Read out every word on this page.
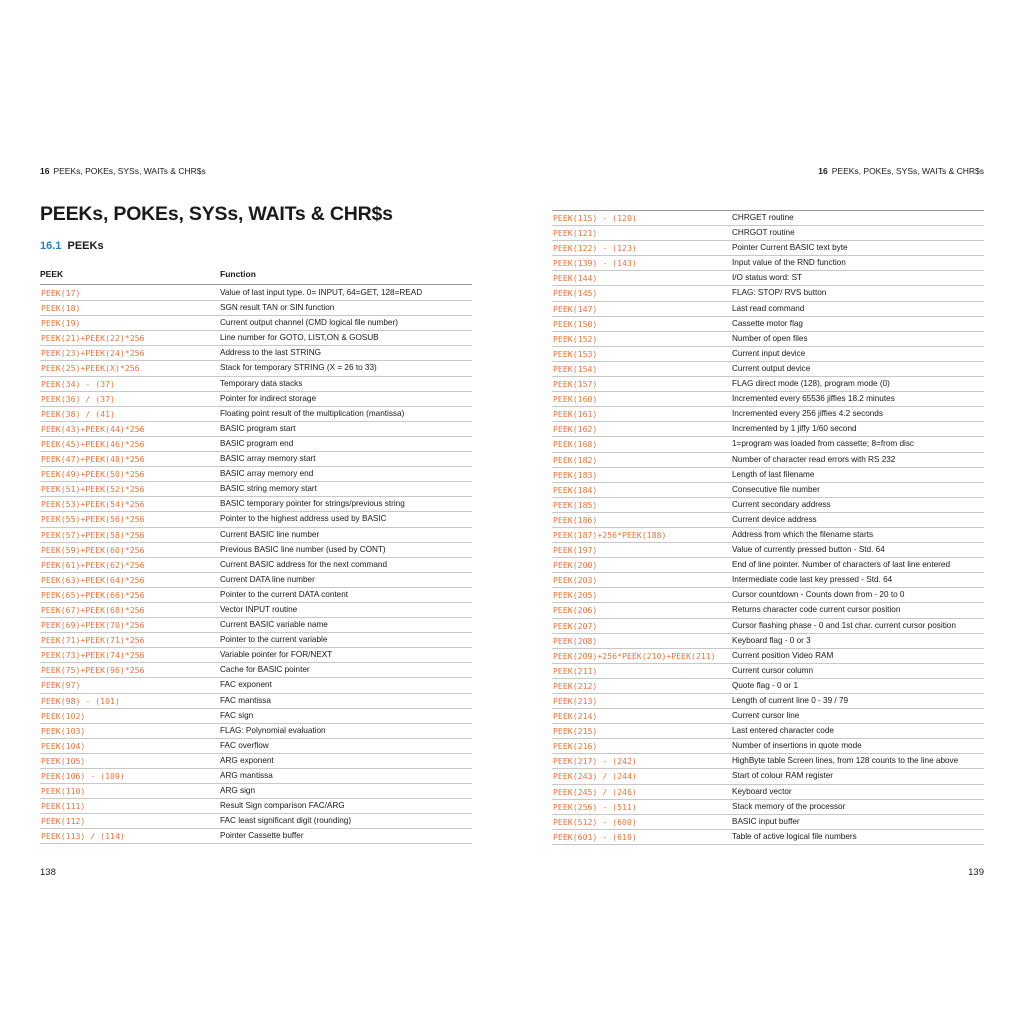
16 PEEKs, POKEs, SYSs, WAITs & CHR$s
PEEKs, POKEs, SYSs, WAITs & CHR$s
16.1 PEEKs
PEEK	Function
PEEK(17)	Value of last input type. 0= INPUT, 64=GET, 128=READ
PEEK(18)	SGN result TAN or SIN function
PEEK(19)	Current output channel (CMD logical file number)
PEEK(21)+PEEK(22)*256	Line number for GOTO, LIST,ON & GOSUB
PEEK(23)+PEEK(24)*256	Address to the last STRING
PEEK(25)+PEEK(X)*256	Stack for temporary STRING (X = 26 to 33)
PEEK(34) - (37)	Temporary data stacks
PEEK(36) / (37)	Pointer for indirect storage
PEEK(38) / (41)	Floating point result of the multiplication (mantissa)
PEEK(43)+PEEK(44)*256	BASIC program start
PEEK(45)+PEEK(46)*256	BASIC program end
PEEK(47)+PEEK(48)*256	BASIC array memory start
PEEK(49)+PEEK(50)*256	BASIC array memory end
PEEK(51)+PEEK(52)*256	BASIC string memory start
PEEK(53)+PEEK(54)*256	BASIC temporary pointer for strings/previous string
PEEK(55)+PEEK(56)*256	Pointer to the highest address used by BASIC
PEEK(57)+PEEK(58)*256	Current BASIC line number
PEEK(59)+PEEK(60)*256	Previous BASIC line number (used by CONT)
PEEK(61)+PEEK(62)*256	Current BASIC address for the next command
PEEK(63)+PEEK(64)*256	Current DATA line number
PEEK(65)+PEEK(66)*256	Pointer to the current DATA content
PEEK(67)+PEEK(68)*256	Vector INPUT routine
PEEK(69)+PEEK(70)*256	Current BASIC variable name
PEEK(71)+PEEK(71)*256	Pointer to the current variable
PEEK(73)+PEEK(74)*256	Variable pointer for FOR/NEXT
PEEK(75)+PEEK(96)*256	Cache for BASIC pointer
PEEK(97)	FAC exponent
PEEK(98) - (101)	FAC mantissa
PEEK(102)	FAC sign
PEEK(103)	FLAG: Polynomial evaluation
PEEK(104)	FAC overflow
PEEK(105)	ARG exponent
PEEK(106) - (109)	ARG mantissa
PEEK(110)	ARG sign
PEEK(111)	Result Sign comparison FAC/ARG
PEEK(112)	FAC least significant digit (rounding)
PEEK(113) / (114)	Pointer Cassette buffer
138
16 PEEKs, POKEs, SYSs, WAITs & CHR$s
PEEK(115) - (120)	CHRGET routine
PEEK(121)	CHRGOT routine
PEEK(122) - (123)	Pointer Current BASIC text byte
PEEK(139) - (143)	Input value of the RND function
PEEK(144)	I/O status word: ST
PEEK(145)	FLAG: STOP/ RVS button
PEEK(147)	Last read command
PEEK(150)	Cassette motor flag
PEEK(152)	Number of open files
PEEK(153)	Current input device
PEEK(154)	Current output device
PEEK(157)	FLAG direct mode (128), program mode (0)
PEEK(160)	Incremented every 65536 jiffies 18.2 minutes
PEEK(161)	Incremented every 256 jiffies 4.2 seconds
PEEK(162)	Incremented by 1 jiffy 1/60 second
PEEK(168)	1=program was loaded from cassette; 8=from disc
PEEK(182)	Number of character read errors with RS 232
PEEK(183)	Length of last filename
PEEK(184)	Consecutive file number
PEEK(185)	Current secondary address
PEEK(186)	Current device address
PEEK(187)+256*PEEK(188)	Address from which the filename starts
PEEK(197)	Value of currently pressed button - Std. 64
PEEK(200)	End of line pointer. Number of characters of last line entered
PEEK(203)	Intermediate code last key pressed - Std. 64
PEEK(205)	Cursor countdown - Counts down from - 20 to 0
PEEK(206)	Returns character code current cursor position
PEEK(207)	Cursor flashing phase - 0 and 1st char. current cursor position
PEEK(208)	Keyboard flag - 0 or 3
PEEK(209)+256*PEEK(210)+PEEK(211) Current position Video RAM
PEEK(211)	Current cursor column
PEEK(212)	Quote flag - 0 or 1
PEEK(213)	Length of current line 0 - 39 / 79
PEEK(214)	Current cursor line
PEEK(215)	Last entered character code
PEEK(216)	Number of insertions in quote mode
PEEK(217) - (242)	HighByte table Screen lines, from 128 counts to the line above
PEEK(243) / (244)	Start of colour RAM register
PEEK(245) / (246)	Keyboard vector
PEEK(256) - (511)	Stack memory of the processor
PEEK(512) - (600)	BASIC input buffer
PEEK(601) - (610)	Table of active logical file numbers
139
